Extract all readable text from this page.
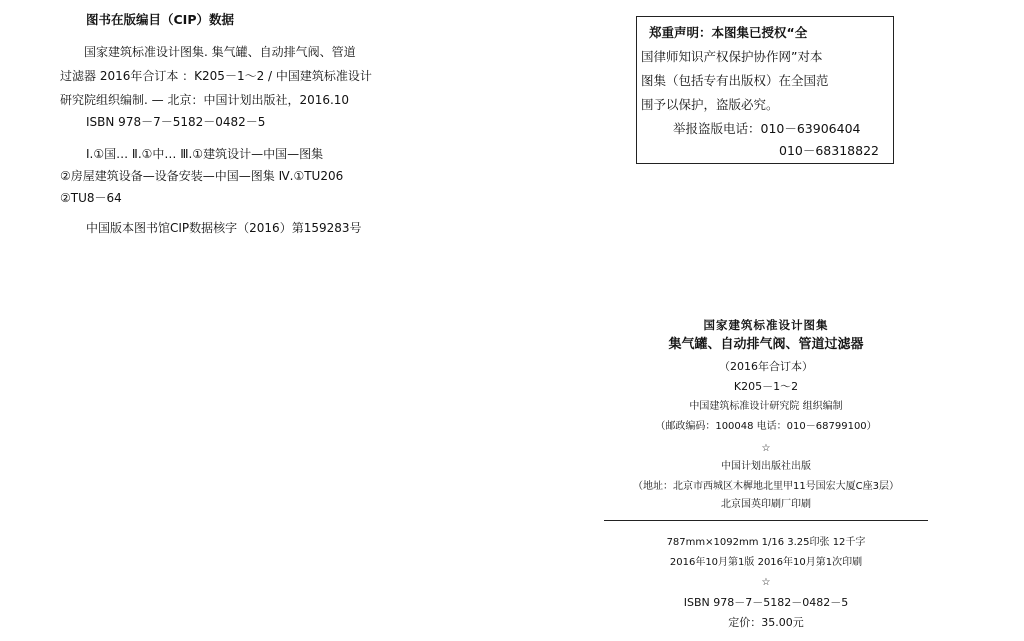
图书在版编目（CIP）数据
国家建筑标准设计图集. 集气罐、自动排气阀、管道
过滤器 2016年合订本 ：K205－1～2 / 中国建筑标准设计
研究院组织编制. — 北京：中国计划出版社，2016.10
ISBN 978－7－5182－0482－5
Ⅰ.①国… Ⅱ.①中… Ⅲ.①建筑设计—中国—图集
②房屋建筑设备—设备安装—中国—图集 Ⅳ.①TU206
②TU8－64
中国版本图书馆CIP数据核字（2016）第159283号
郑重声明：本图集已授权“全
国律师知识产权保护协作网”对本
图集（包括专有出版权）在全国范
围予以保护，盗版必究。
举报盗版电话：010－63906404
010－68318822
国家建筑标准设计图集
集气罐、自动排气阀、管道过滤器
（2016年合订本）
K205－1～2
中国建筑标准设计研究院 组织编制
（邮政编码：100048 电话：010－68799100）
☆
中国计划出版社出版
（地址：北京市西城区木樨地北里甲11号国宏大厦C座3层）
北京国英印刷厂印刷
787mm×1092mm 1/16 3.25印张 12千字
2016年10月第1版 2016年10月第1次印刷
☆
ISBN 978－7－5182－0482－5
定价：35.00元
